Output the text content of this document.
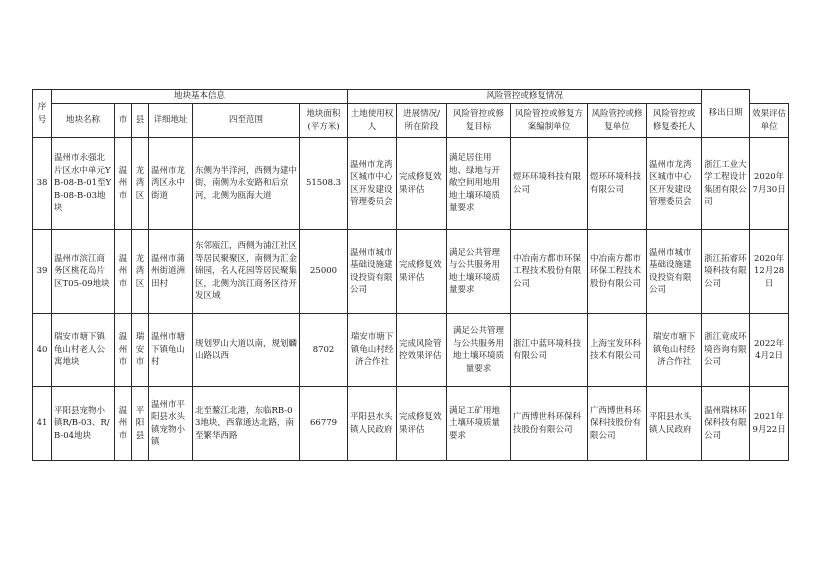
序号	地块基本信息						风险管控或修复情况						移出日期	
	地块名称	市	县	详细地址	四至范围	地块面积(平方米)	土地使用权人	进展情况/所在阶段	风险管控或修复目标	风险管控或修复方案编制单位	风险管控或修复单位	风险管控或修复委托人		效果评估单位
38	温州市永强北片区水中单元YB-08-B-01至YB-08-B-03地块	温州市	龙湾区	温州市龙湾区永中街道	东侧为半洋河，西侧为建中街，南侧为永安路和后京河，北侧为瓯海大道	51508.3	温州市龙湾区城市中心区开发建设管理委员会	完成修复效果评估	满足居住用地、绿地与开敞空间用地用地土壤环境质量要求	煜环环境科技有限公司	煜环环境科技有限公司	温州市龙湾区城市中心区开发建设管理委员会	浙江工业大学工程设计集团有限公司	2020年7月30日
39	温州市滨江商务区桃花岛片区T05-09地块	温州市	龙湾区	温州市蒲州街道洲田村	东邻瓯江，西侧为浦江社区等居民聚聚区，南侧为汇金锦园，名人花园等居民聚集区，北侧为滨江商务区待开发区域	25000	温州市城市基础设施建设投资有限公司	完成修复效果评估	满足公共管理与公共服务用地土壤环境质量要求	中冶南方都市环保工程技术股份有限公司	中冶南方都市环保工程技术股份有限公司	温州市城市基础设施建设投资有限公司	浙江拓睿环境科技有限公司	2020年12月28日
40	瑞安市塘下镇龟山村老人公寓地块	温州市	瑞安市	温州市塘下镇龟山村	规划罗山大道以南，规划麟山路以西	8702	瑞安市塘下镇龟山村经济合作社	完成风险管控效果评估	满足公共管理与公共服务用地土壤环境质量要求	浙江中蓝环境科技有限公司	上海宝发环科技术有限公司	瑞安市塘下镇龟山村经济合作社	浙江竟成环境咨询有限公司	2022年4月2日
41	平阳县宠物小镇R/B-03、R/B-04地块	温州市	平阳县	温州市平阳县水头镇宠物小镇	北至鳌江北港，东临RB-03地块，西靠通达北路，南至繁华西路	66779	平阳县水头镇人民政府	完成修复效果评估	满足工矿用地土壤环境质量要求	广西博世科环保科技股份有限公司	广西博世科环保科技股份有限公司	平阳县水头镇人民政府	温州瑞林环保科技有限公司	2021年9月22日
